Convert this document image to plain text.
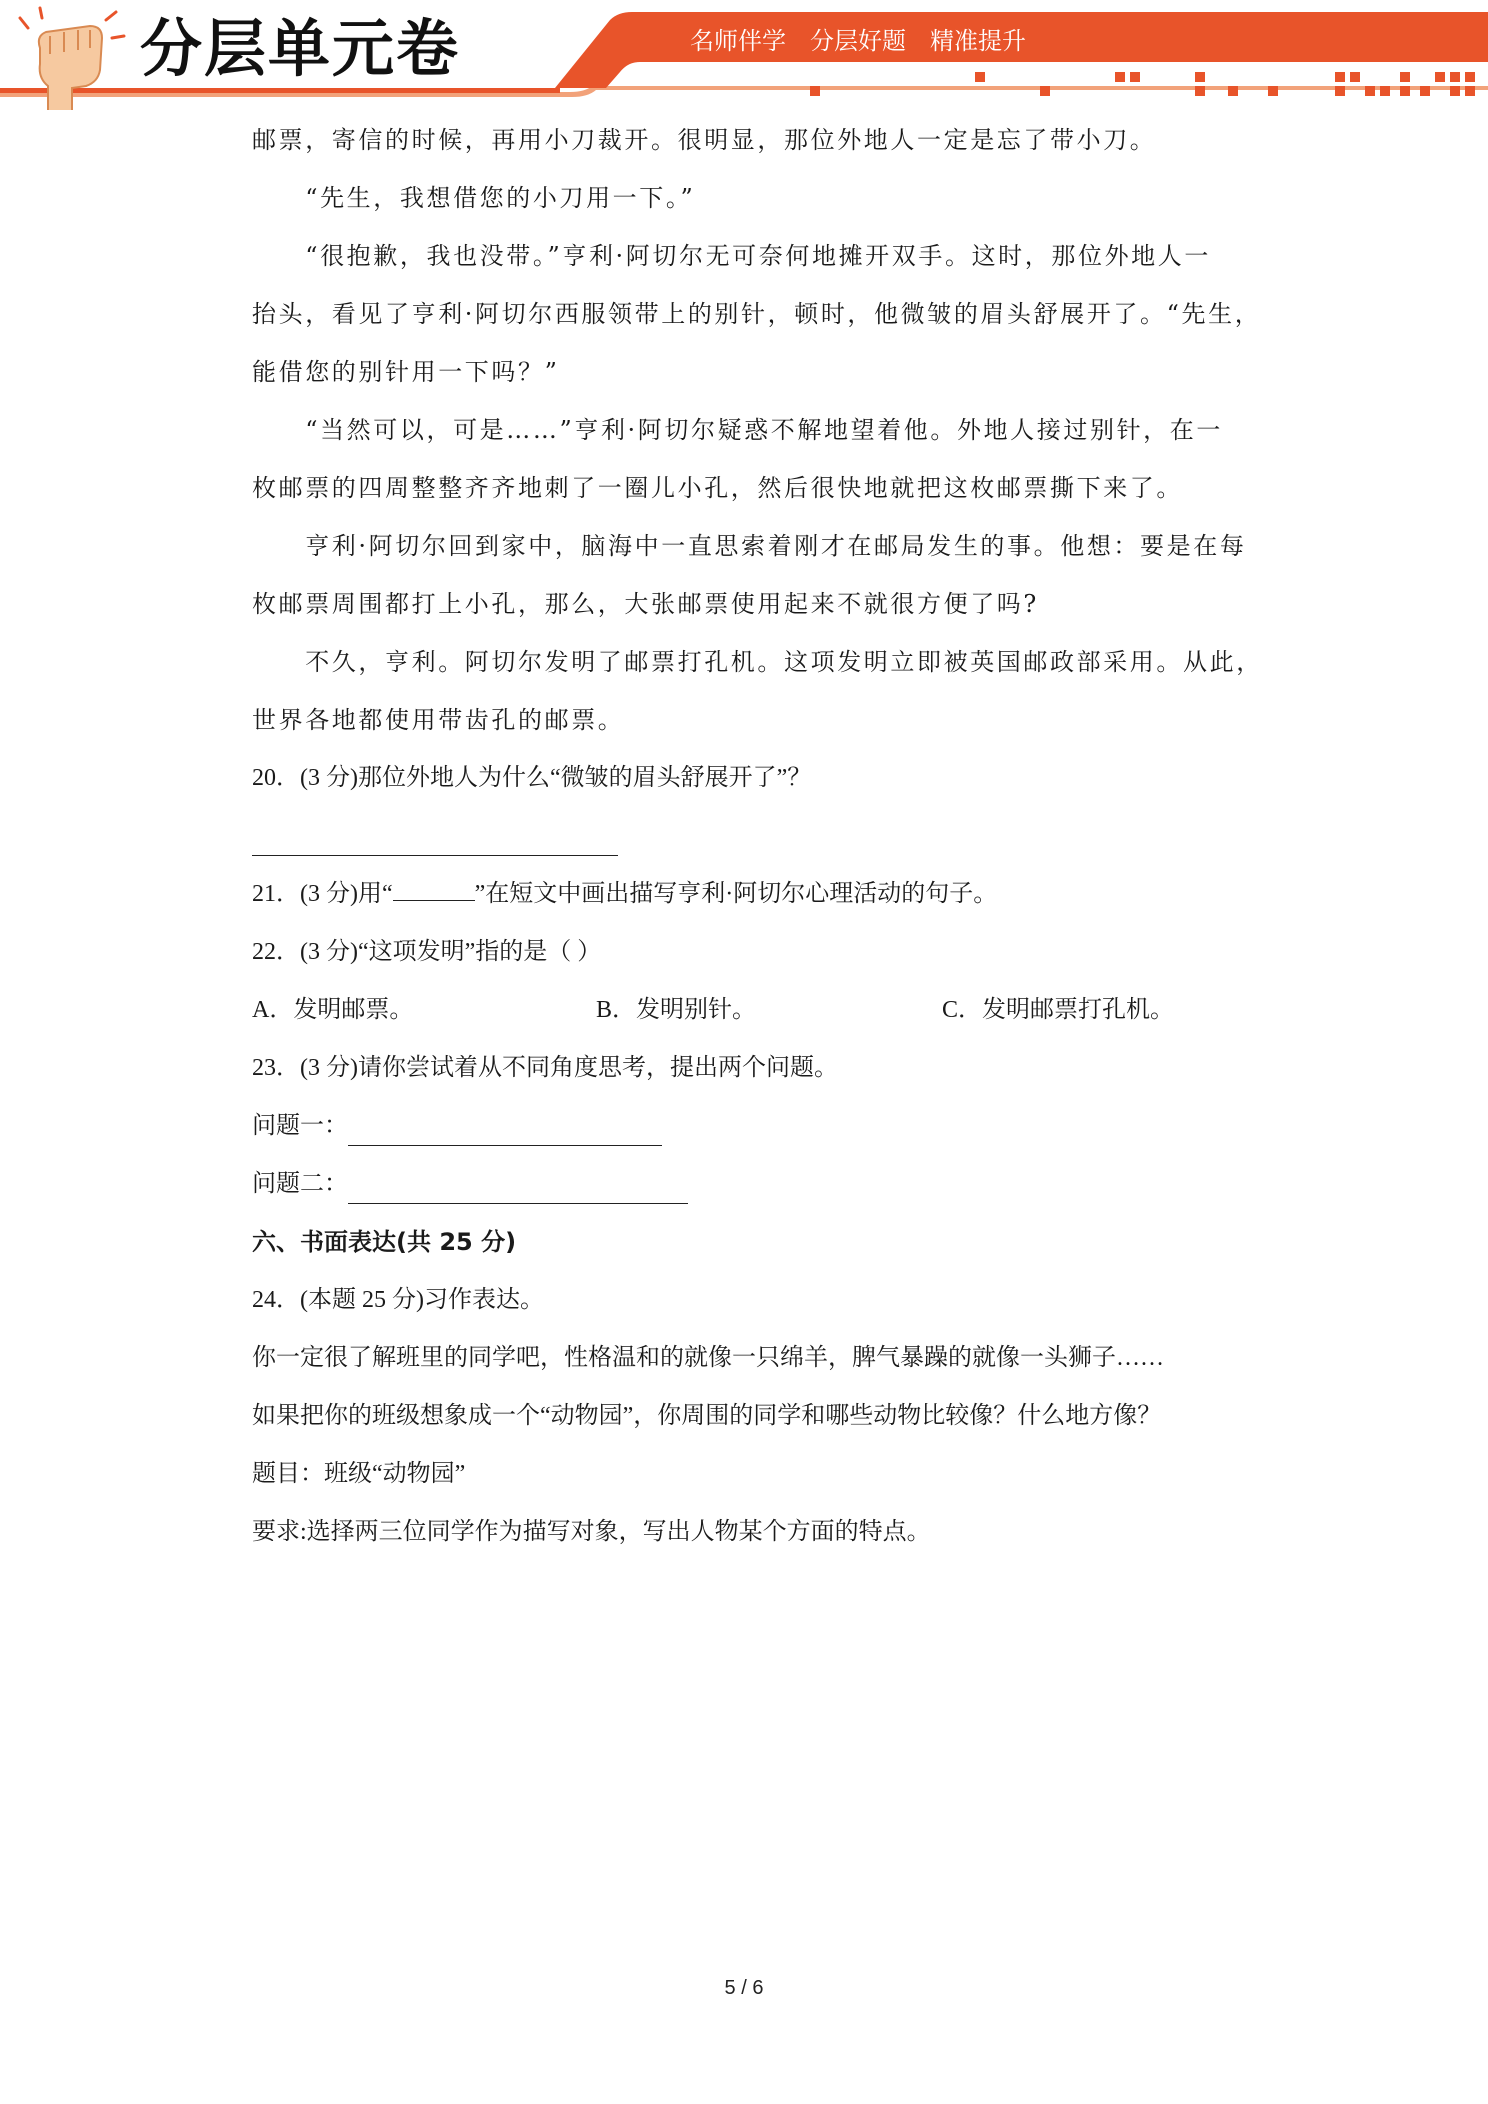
分层单元卷	名师伴学 分层好题 精准提升
邮票，寄信的时候，再用小刀裁开。很明显，那位外地人一定是忘了带小刀。
　　“先生，我想借您的小刀用一下。”
　　“很抱歉，我也没带。”亨利·阿切尔无可奈何地摊开双手。这时，那位外地人一
抬头，看见了亨利·阿切尔西服领带上的别针，顿时，他微皱的眉头舒展开了。“先生，
能借您的别针用一下吗？”
　　“当然可以，可是……”亨利·阿切尔疑惑不解地望着他。外地人接过别针，在一
枚邮票的四周整整齐齐地刺了一圈儿小孔，然后很快地就把这枚邮票撕下来了。
　　亨利·阿切尔回到家中，脑海中一直思索着刚才在邮局发生的事。他想：要是在每
枚邮票周围都打上小孔，那么，大张邮票使用起来不就很方便了吗?
　　不久，亨利。阿切尔发明了邮票打孔机。这项发明立即被英国邮政部采用。从此，
世界各地都使用带齿孔的邮票。
20．(3 分)那位外地人为什么“微皱的眉头舒展开了”？
21．(3 分)用“	”在短文中画出描写亨利·阿切尔心理活动的句子。
22．(3 分)“这项发明”指的是（ ）
A．发明邮票。	B．发明别针。	C．发明邮票打孔机。
23．(3 分)请你尝试着从不同角度思考，提出两个问题。
问题一：
问题二：
六、书面表达(共 25 分)
24．(本题 25 分)习作表达。
你一定很了解班里的同学吧，性格温和的就像一只绵羊，脾气暴躁的就像一头狮子……
如果把你的班级想象成一个“动物园”，你周围的同学和哪些动物比较像？什么地方像？
题目：班级“动物园”
要求:选择两三位同学作为描写对象，写出人物某个方面的特点。
5 / 6
